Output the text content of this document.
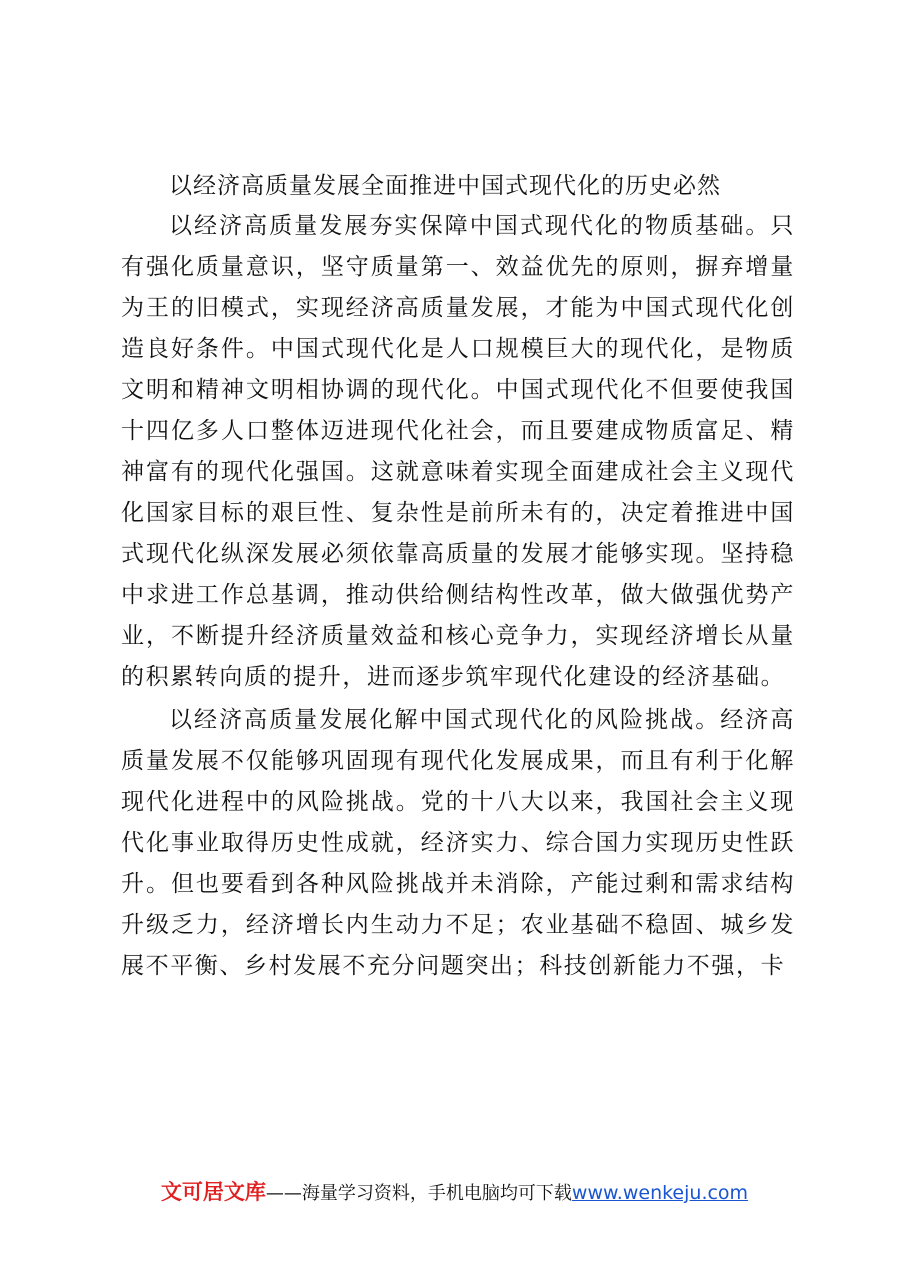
以经济高质量发展全面推进中国式现代化的历史必然

以经济高质量发展夯实保障中国式现代化的物质基础。只有强化质量意识，坚守质量第一、效益优先的原则，摒弃增量为王的旧模式，实现经济高质量发展，才能为中国式现代化创造良好条件。中国式现代化是人口规模巨大的现代化，是物质文明和精神文明相协调的现代化。中国式现代化不但要使我国十四亿多人口整体迈进现代化社会，而且要建成物质富足、精神富有的现代化强国。这就意味着实现全面建成社会主义现代化国家目标的艰巨性、复杂性是前所未有的，决定着推进中国式现代化纵深发展必须依靠高质量的发展才能够实现。坚持稳中求进工作总基调，推动供给侧结构性改革，做大做强优势产业，不断提升经济质量效益和核心竞争力，实现经济增长从量的积累转向质的提升，进而逐步筑牢现代化建设的经济基础。

以经济高质量发展化解中国式现代化的风险挑战。经济高质量发展不仅能够巩固现有现代化发展成果，而且有利于化解现代化进程中的风险挑战。党的十八大以来，我国社会主义现代化事业取得历史性成就，经济实力、综合国力实现历史性跃升。但也要看到各种风险挑战并未消除，产能过剩和需求结构升级乏力，经济增长内生动力不足；农业基础不稳固、城乡发展不平衡、乡村发展不充分问题突出；科技创新能力不强，卡

文可居文库——海量学习资料，手机电脑均可下载www.wenkeju.com
